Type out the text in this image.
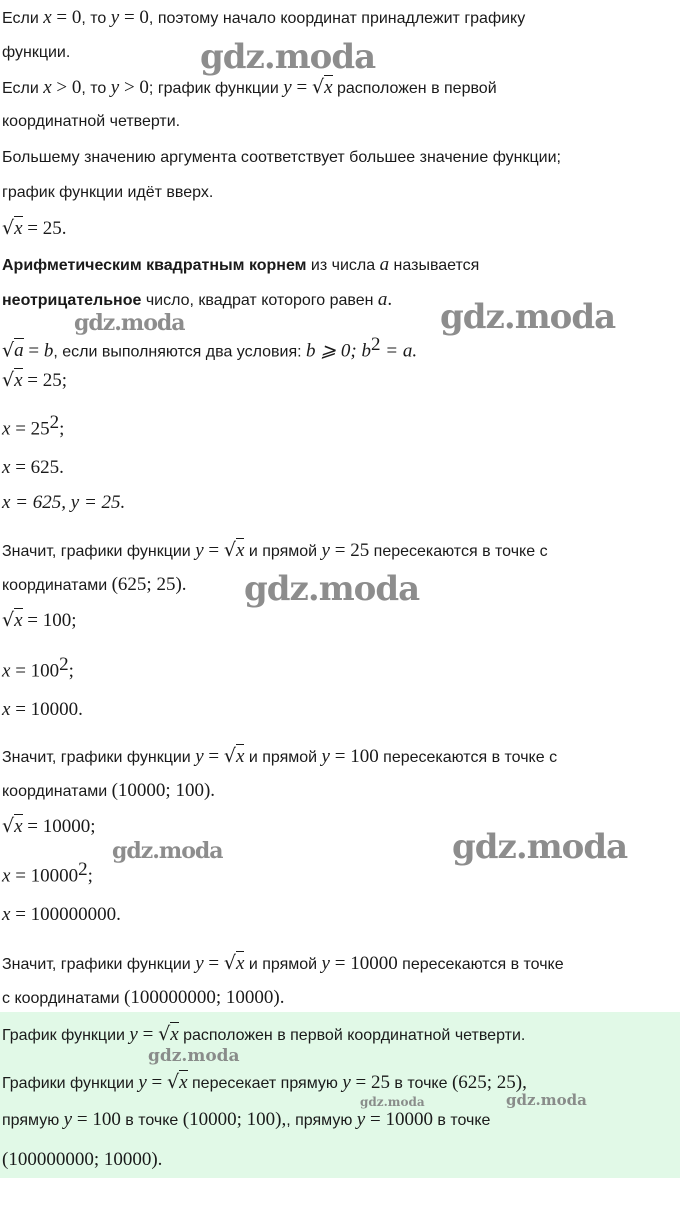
gdz.moda
gdz.moda
gdz.moda
gdz.moda
gdz.moda
gdz.moda
Если x = 0, то y = 0, поэтому начало координат принадлежит графику
функции.
Если x > 0, то y > 0; график функции y = √x расположен в первой
координатной четверти.
Большему значению аргумента соответствует большее значение функции;
график функции идёт вверх.
√x = 25.
Арифметическим квадратным корнем из числа a называется
неотрицательное число, квадрат которого равен a.
√a = b, если выполняются два условия: b ⩾ 0; $b^2 = a$.
√x = 25;
$x = 25^2$;
x = 625.
x = 625, y = 25.
Значит, графики функции y = √x и прямой y = 25 пересекаются в точке с
координатами (625; 25).
√x = 100;
$x = 100^2$;
x = 10000.
Значит, графики функции y = √x и прямой y = 100 пересекаются в точке с
координатами (10000; 100).
√x = 10000;
$x = 10000^2$;
x = 100000000.
Значит, графики функции y = √x и прямой y = 10000 пересекаются в точке
с координатами (100000000; 10000).
gdz.moda
gdz.moda	gdz.moda
График функции y = √x расположен в первой координатной четверти.
Графики функции y = √x пересекает прямую y = 25 в точке (625; 25),
прямую y = 100 в точке (10000; 100),, прямую y = 10000 в точке
(100000000; 10000).
